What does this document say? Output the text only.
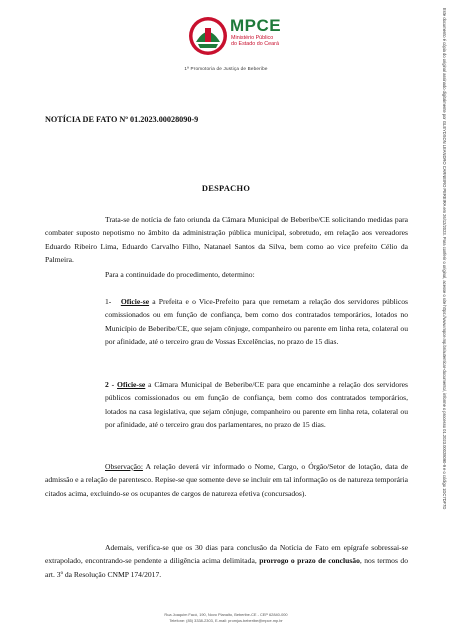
MPCE
Ministério Público
do Estado do Ceará
1ª Promotoria de Justiça de Beberibe
NOTÍCIA DE FATO Nº 01.2023.00028090-9
DESPACHO
Trata-se de notícia de fato oriunda da Câmara Municipal de Beberibe/CE solicitando medidas para combater suposto nepotismo no âmbito da administração pública municipal, sobretudo, em relação aos vereadores Eduardo Ribeiro Lima, Eduardo Carvalho Filho, Natanael Santos da Silva, bem como ao vice prefeito Célio da Palmeira.
Para a continuidade do procedimento, determino:
1- Oficie-se a Prefeita e o Vice-Prefeito para que remetam a relação dos servidores públicos comissionados ou em função de confiança, bem como dos contratados temporários, lotados no Município de Beberibe/CE, que sejam cônjuge, companheiro ou parente em linha reta, colateral ou por afinidade, até o terceiro grau de Vossas Excelências, no prazo de 15 dias.
2 - Oficie-se a Câmara Municipal de Beberibe/CE para que encaminhe a relação dos servidores públicos comissionados ou em função de confiança, bem como dos contratados temporários, lotados na casa legislativa, que sejam cônjuge, companheiro ou parente em linha reta, colateral ou por afinidade, até o terceiro grau dos parlamentares, no prazo de 15 dias.
Observação: A relação deverá vir informado o Nome, Cargo, o Órgão/Setor de lotação, data de admissão e a relação de parentesco. Repise-se que somente deve se incluir em tal informação os de natureza temporária citados acima, excluindo-se os ocupantes de cargos de natureza efetiva (concursados).
Ademais, verifica-se que os 30 dias para conclusão da Notícia de Fato em epígrafe sobressai-se extrapolado, encontrando-se pendente a diligência acima delimitada, prorrogo o prazo de conclusão, nos termos do art. 3º da Resolução CNMP 174/2017.
Rua Joaquim Facó, 190, Novo Planalto, Beberibe-CE - CEP 62840-000
Telefone: (85) 3338-2303, E-mail: promjus.beberibe@mpce.mp.br
Este documento é cópia do original assinado digitalmente por GLEYDSON LEANDRO CARNEIRO PEREIRA em 26/12/2023. Para conferir o original, acesse o site https://www.mpce.mp.br/autenticar-documento/, informe o processo 01.2023.00028090-9 e o código 1DC7DF7D
